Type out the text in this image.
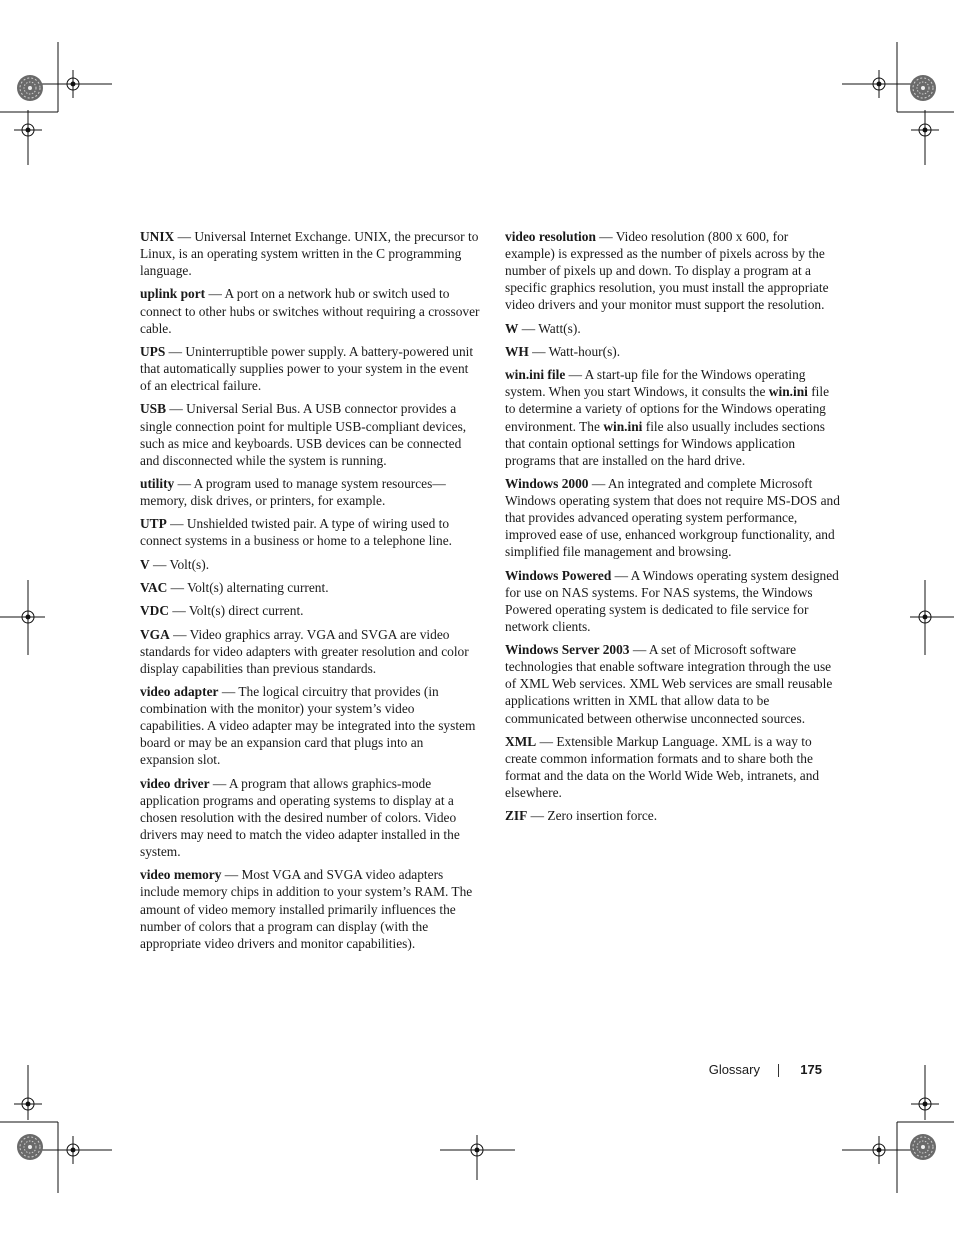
UNIX — Universal Internet Exchange. UNIX, the precursor to Linux, is an operating system written in the C programming language.

uplink port — A port on a network hub or switch used to connect to other hubs or switches without requiring a crossover cable.

UPS — Uninterruptible power supply. A battery-powered unit that automatically supplies power to your system in the event of an electrical failure.

USB — Universal Serial Bus. A USB connector provides a single connection point for multiple USB-compliant devices, such as mice and keyboards. USB devices can be connected and disconnected while the system is running.

utility — A program used to manage system resources—memory, disk drives, or printers, for example.

UTP — Unshielded twisted pair. A type of wiring used to connect systems in a business or home to a telephone line.

V — Volt(s).

VAC — Volt(s) alternating current.

VDC — Volt(s) direct current.

VGA — Video graphics array. VGA and SVGA are video standards for video adapters with greater resolution and color display capabilities than previous standards.

video adapter — The logical circuitry that provides (in combination with the monitor) your system’s video capabilities. A video adapter may be integrated into the system board or may be an expansion card that plugs into an expansion slot.

video driver — A program that allows graphics-mode application programs and operating systems to display at a chosen resolution with the desired number of colors. Video drivers may need to match the video adapter installed in the system.

video memory — Most VGA and SVGA video adapters include memory chips in addition to your system’s RAM. The amount of video memory installed primarily influences the number of colors that a program can display (with the appropriate video drivers and monitor capabilities).

video resolution — Video resolution (800 x 600, for example) is expressed as the number of pixels across by the number of pixels up and down. To display a program at a specific graphics resolution, you must install the appropriate video drivers and your monitor must support the resolution.

W — Watt(s).

WH — Watt-hour(s).

win.ini file — A start-up file for the Windows operating system. When you start Windows, it consults the win.ini file to determine a variety of options for the Windows operating environment. The win.ini file also usually includes sections that contain optional settings for Windows application programs that are installed on the hard drive.

Windows 2000 — An integrated and complete Microsoft Windows operating system that does not require MS-DOS and that provides advanced operating system performance, improved ease of use, enhanced workgroup functionality, and simplified file management and browsing.

Windows Powered — A Windows operating system designed for use on NAS systems. For NAS systems, the Windows Powered operating system is dedicated to file service for network clients.

Windows Server 2003 — A set of Microsoft software technologies that enable software integration through the use of XML Web services. XML Web services are small reusable applications written in XML that allow data to be communicated between otherwise unconnected sources.

XML — Extensible Markup Language. XML is a way to create common information formats and to share both the format and the data on the World Wide Web, intranets, and elsewhere.

ZIF — Zero insertion force.

Glossary	175
